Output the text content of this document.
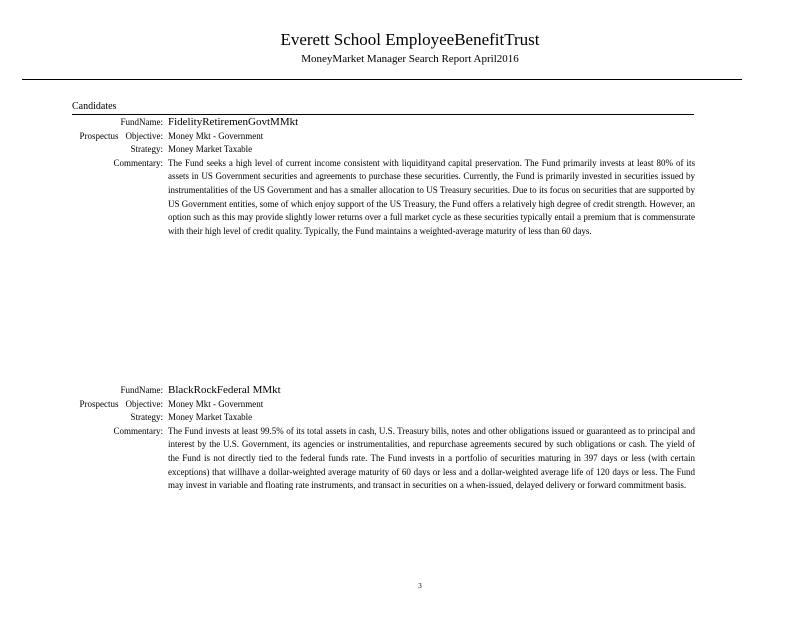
Everett School EmployeeBenefitTrust
MoneyMarket Manager Search Report April2016
Candidates
FundName: FidelityRetiremenGovtMMkt
Prospectus Objective: Money Mkt - Government
Strategy: Money Market Taxable
Commentary: The Fund seeks a high level of current income consistent with liquidityand capital preservation. The Fund primarily invests at least 80% of its assets in US Government securities and agreements to purchase these securities. Currently, the Fund is primarily invested in securities issued by instrumentalities of the US Government and has a smaller allocation to US Treasury securities. Due to its focus on securities that are supported by US Government entities, some of which enjoy support of the US Treasury, the Fund offers a relatively high degree of credit strength. However, an option such as this may provide slightly lower returns over a full market cycle as these securities typically entail a premium that is commensurate with their high level of credit quality. Typically, the Fund maintains a weighted-average maturity of less than 60 days.
FundName: BlackRockFederal MMkt
Prospectus Objective: Money Mkt - Government
Strategy: Money Market Taxable
Commentary: The Fund invests at least 99.5% of its total assets in cash, U.S. Treasury bills, notes and other obligations issued or guaranteed as to principal and interest by the U.S. Government, its agencies or instrumentalities, and repurchase agreements secured by such obligations or cash. The yield of the Fund is not directly tied to the federal funds rate. The Fund invests in a portfolio of securities maturing in 397 days or less (with certain exceptions) that willhave a dollar-weighted average maturity of 60 days or less and a dollar-weighted average life of 120 days or less. The Fund may invest in variable and floating rate instruments, and transact in securities on a when-issued, delayed delivery or forward commitment basis.
3
